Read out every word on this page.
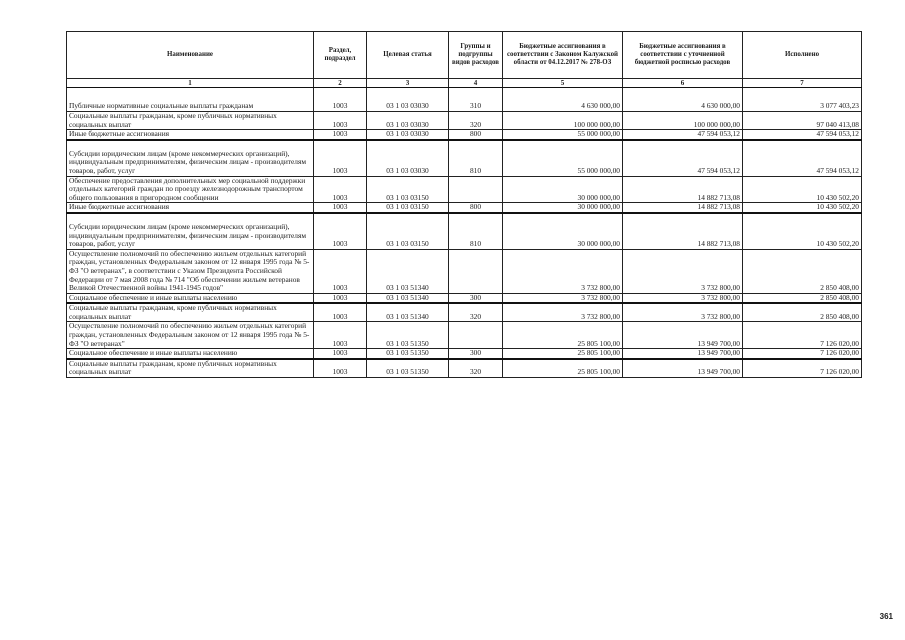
Наименование	Раздел, подраздел	Целевая статья	Группы и подгруппы видов расходов	Бюджетные ассигнования в соответствии с Законом Калужской области от 04.12.2017 № 278-ОЗ	Бюджетные ассигнования в соответствии с уточненной бюджетной росписью расходов	Исполнено
1	2	3	4	5	6	7
Публичные нормативные социальные выплаты гражданам	1003	03 1 03 03030	310	4 630 000,00	4 630 000,00	3 077 403,23
Социальные выплаты гражданам, кроме публичных нормативных социальных выплат	1003	03 1 03 03030	320	100 000 000,00	100 000 000,00	97 040 413,08
Иные бюджетные ассигнования	1003	03 1 03 03030	800	55 000 000,00	47 594 053,12	47 594 053,12
Субсидии юридическим лицам (кроме некоммерческих организаций), индивидуальным предпринимателям, физическим лицам - производителям товаров, работ, услуг	1003	03 1 03 03030	810	55 000 000,00	47 594 053,12	47 594 053,12
Обеспечение предоставления дополнительных мер социальной поддержки отдельных категорий граждан по проезду железнодорожным транспортом общего пользования в пригородном сообщении	1003	03 1 03 03150		30 000 000,00	14 882 713,08	10 430 502,20
Иные бюджетные ассигнования	1003	03 1 03 03150	800	30 000 000,00	14 882 713,08	10 430 502,20
Субсидии юридическим лицам (кроме некоммерческих организаций), индивидуальным предпринимателям, физическим лицам - производителям товаров, работ, услуг	1003	03 1 03 03150	810	30 000 000,00	14 882 713,08	10 430 502,20
Осуществление полномочий по обеспечению жильем отдельных категорий граждан, установленных Федеральным законом от 12 января 1995 года № 5-ФЗ "О ветеранах", в соответствии с Указом Президента Российской Федерации от 7 мая 2008 года № 714 "Об обеспечении жильем ветеранов Великой Отечественной войны 1941-1945 годов"	1003	03 1 03 51340		3 732 800,00	3 732 800,00	2 850 408,00
Социальное обеспечение и иные выплаты населению	1003	03 1 03 51340	300	3 732 800,00	3 732 800,00	2 850 408,00
Социальные выплаты гражданам, кроме публичных нормативных социальных выплат	1003	03 1 03 51340	320	3 732 800,00	3 732 800,00	2 850 408,00
Осуществление полномочий по обеспечению жильем отдельных категорий граждан, установленных Федеральным законом от 12 января 1995 года № 5-ФЗ "О ветеранах"	1003	03 1 03 51350		25 805 100,00	13 949 700,00	7 126 020,00
Социальное обеспечение и иные выплаты населению	1003	03 1 03 51350	300	25 805 100,00	13 949 700,00	7 126 020,00
Социальные выплаты гражданам, кроме публичных нормативных социальных выплат	1003	03 1 03 51350	320	25 805 100,00	13 949 700,00	7 126 020,00
361
